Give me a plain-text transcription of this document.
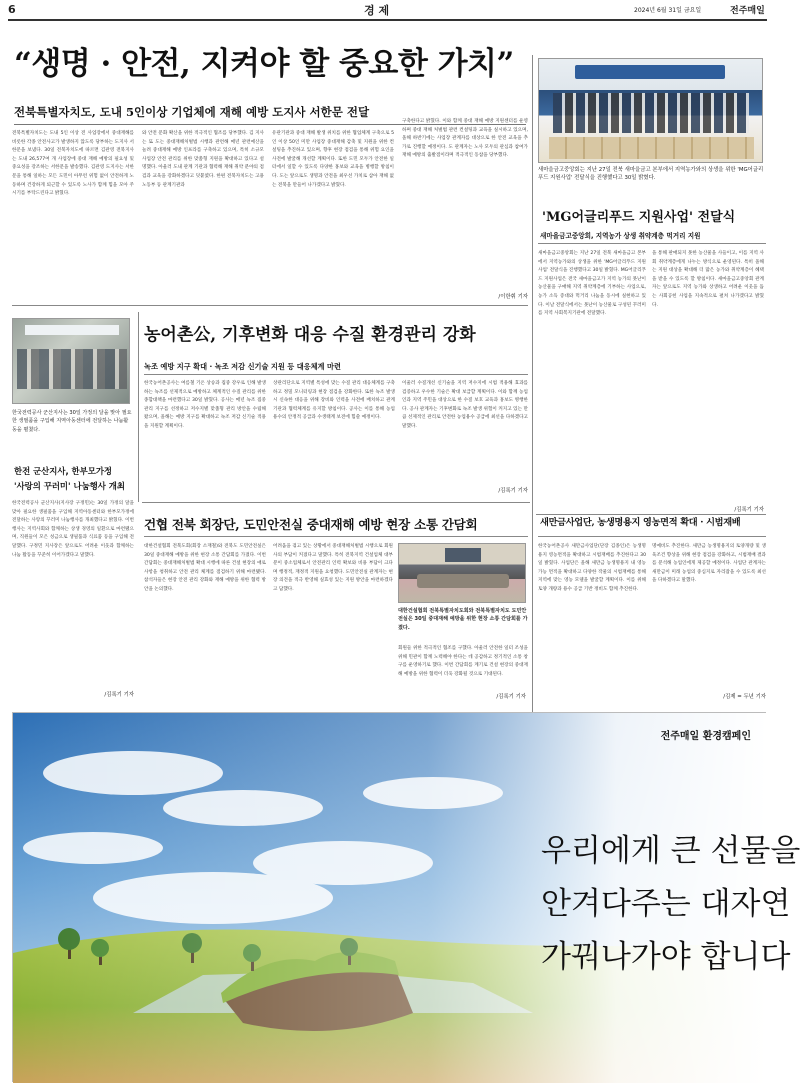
6	경 제	2024년 6월 31일 금요일	전주매일
“생명 · 안전, 지켜야 할 중요한 가치”
전북특별자치도, 도내 5인이상 기업체에 재해 예방 도지사 서한문 전달
전북특별자치도는 도내 5인 이상 전 사업장에서 중대재해를 비롯한 각종 안전사고가 발생하지 않도록 당부하는 도지사 서한문을 보냈다. 30일 전북자치도에 따르면 김관영 전북지사는 도내 26,577여 개 사업장에 중대 재해 예방의 필요성 및 중요성을 강조하는 서한문을 발송했다. 김관영 도지사는 서한문을 통해 일하는 모든 도민이 아무런 위험 없이 안전하게 노동하며 건강하게 퇴근할 수 있도록 노사가 함께 힘을 모아 주시기를 부탁드린다고 밝혔다.
와 안전 문화 확산을 위한 적극적인 협조를 당부했다. 김 지사는 또 도는 중대재해처벌법 시행과 관련해 매년 관련예산을 늘려 중대재해 예방 인프라를 구축하고 있으며, 특히 소규모 사업장 안전 관리를 위한 맞춤형 지원을 확대하고 있다고 설명했다. 아울러 도내 관계 기관과 협력해 재해 취약 분야의 점검과 교육을 강화하겠다고 덧붙였다. 한편 전북자치도는 고용노동부 등 관계기관과
유관기관과 중대 재해 발생 위치를 위한 협업체계 구축으로 5인 이상 50인 미만 사업장 중대재해 감축 및 지원을 위한 컨설팅을 추진하고 있으며, 향후 현장 점검을 통해 위험 요인을 사전에 발굴해 개선할 계획이다. 또한 도민 모두가 안전한 일터에서 일할 수 있도록 다양한 홍보와 교육을 병행할 방침이다. 도는 앞으로도 생명과 안전을 최우선 가치로 삼아 재해 없는 전북을 만들어 나가겠다고 밝혔다.
구축한다고 밝혔다. 이와 함께 중대 재해 예방 지원센터를 운영하며 중대 재해 처벌법 관련 컨설팅과 교육을 실시하고 있으며, 올해 하반기에는 사업장 관계자를 대상으로 한 안전 교육을 추가로 진행할 예정이다. 도 관계자는 노사 모두의 관심과 참여가 재해 예방의 출발점이라며 적극적인 동참을 당부했다.
/이한휘 기자
새마을금고중앙회는 지난 27일 전북 새마을금고 본부에서 지역농가와의 상생을 위한 'MG어글리푸드 지원사업' 전달식을 진행했다고 30일 밝혔다.
'MG어글리푸드 지원사업' 전달식
새마을금고중앙회, 지역농가 상생 취약계층 먹거리 지원
새마을금고중앙회는 지난 27일 전북 새마을금고 본부에서 지역농가와의 상생을 위한 'MG어글리푸드 지원사업' 전달식을 진행했다고 30일 밝혔다. MG어글리푸드 지원사업은 전국 새마을금고가 지역 농가의 못난이 농산물을 구매해 지역 취약계층에 기부하는 사업으로, 농가 소득 증대와 먹거리 나눔을 동시에 실현하고 있다. 이날 전달식에서는 못난이 농산물로 구성된 꾸러미를 지역 사회복지기관에 전달했다.
을 통해 판매되지 못한 농산물을 사들이고, 이를 지역 사회 취약계층에게 나누는 방식으로 운영된다. 특히 올해는 지원 대상을 확대해 더 많은 농가와 취약계층이 혜택을 받을 수 있도록 할 방침이다. 새마을금고중앙회 관계자는 앞으로도 지역 농가와 상생하고 어려운 이웃을 돕는 사회공헌 사업을 지속적으로 펼쳐 나가겠다고 밝혔다.
/김록기 기자
한국전력공사 군산지사는 30일 가정의 달을 맞아 필요한 생필품을 구입해 지역아동센터에 전달하는 나눔활동을 펼쳤다.
한전 군산지사, 한부모가정
'사랑의 꾸러미' 나눔행사 개최
한국전력공사 군산지사(지사장 구정민)는 30일 가정의 달을 맞아 필요한 생필품을 구입해 지역아동센터와 한부모가정에 전달하는 사랑의 꾸러미 나눔행사를 개최했다고 밝혔다. 이번 행사는 지역사회와 함께하는 상생 경영의 일환으로 마련됐으며, 직원들이 모은 성금으로 생필품과 식료품 등을 구입해 전달했다. 구정민 지사장은 앞으로도 어려운 이웃과 함께하는 나눔 활동을 꾸준히 이어가겠다고 말했다.
/김록기 기자
농어촌公, 기후변화 대응 수질 환경관리 강화
녹조 예방 지구 확대 · 녹조 저감 신기술 지원 등 대응체계 마련
한국농어촌공사는 여름철 기온 상승과 집중 강우로 인해 발생하는 녹조를 선제적으로 예방하고 체계적인 수질 관리를 위한 종합대책을 마련했다고 30일 밝혔다. 공사는 매년 녹조 집중관리 지구를 선정하고 저수지별 맞춤형 관리 방안을 수립해 왔으며, 올해는 예방 지구를 확대하고 녹조 저감 신기술 적용을 지원할 계획이다.
상관리단으로 지역별 특성에 맞는 수질 관리 대응체계를 구축하고 정밀 모니터링과 현장 점검을 강화한다. 또한 녹조 발생 시 신속한 대응을 위해 장비와 인력을 사전에 배치하고 관계 기관과 협력체계를 유지할 방침이다. 공사는 이를 통해 농업용수의 안정적 공급과 수생태계 보전에 힘쓸 예정이다.
이울러 수질개선 신기술을 지역 저수지에 시범 적용해 효과를 검증하고 우수한 기술은 확대 보급할 계획이다. 이와 함께 농업인과 지역 주민을 대상으로 한 수질 보호 교육과 홍보도 병행한다. 공사 관계자는 기후변화로 녹조 발생 위험이 커지고 있는 만큼 선제적인 관리로 안전한 농업용수 공급에 최선을 다하겠다고 말했다.
/김록기 기자
건협 전북 회장단, 도민안전실 중대재해 예방 현장 소통 간담회
대한건설협회 전북도회(회장 소재철)와 전북도 도민안전실은 30일 중대재해 예방을 위한 현장 소통 간담회를 가졌다. 이번 간담회는 중대재해처벌법 확대 시행에 따른 건설 현장의 애로사항을 청취하고 안전 관리 체계를 점검하기 위해 마련됐다. 참석자들은 현장 안전 관리 강화와 재해 예방을 위한 협력 방안을 논의했다.
어려움을 겪고 있는 상황에서 중대재해처벌법 시행으로 회원사의 부담이 커졌다고 말했다. 특히 전북지역 건설업체 대부분이 중소업체로서 안전관리 인력 확보와 비용 부담이 크다며 행정적, 재정적 지원을 요청했다. 도민안전실 관계자는 현장 의견을 적극 반영해 실효성 있는 지원 방안을 마련하겠다고 답했다.
대한건설협회 전북특별자치도회와 전북특별자치도 도민안전실은 30일 중대재해 예방을 위한 현장 소통 간담회를 가졌다.
회원들 위한 적극적인 협조를 구했다. 아울러 안전한 일터 조성을 위해 민관이 함께 노력해야 한다는 데 공감하고 정기적인 소통 창구를 운영하기로 했다. 이번 간담회를 계기로 건설 현장의 중대재해 예방을 위한 협력이 더욱 강화될 것으로 기대된다.
/김록기 기자
새만금사업단, 농생명용지 영농면적 확대 · 시범재배
한국농어촌공사 새만금사업단(단장 김종인)은 농생명용지 영농면적을 확대하고 시범재배를 추진한다고 30일 밝혔다. 사업단은 올해 새만금 농생명용지 내 영농 가능 면적을 확대하고 다양한 작물의 시범재배를 통해 지역에 맞는 영농 모델을 발굴할 계획이다. 이를 위해 토양 개량과 용수 공급 기반 정비도 함께 추진한다.
명예비도 추진한다. 새만금 농생명용지의 토양개량 및 생육조건 향상을 위해 현장 점검을 강화하고, 시범재배 결과를 분석해 농업인에게 제공할 예정이다. 사업단 관계자는 새만금이 미래 농업의 중심지로 자리잡을 수 있도록 최선을 다하겠다고 말했다.
/김제 = 두년 기자
전주매일 환경캠페인
우리에게 큰 선물을
안겨다주는 대자연
가꿔나가야 합니다
